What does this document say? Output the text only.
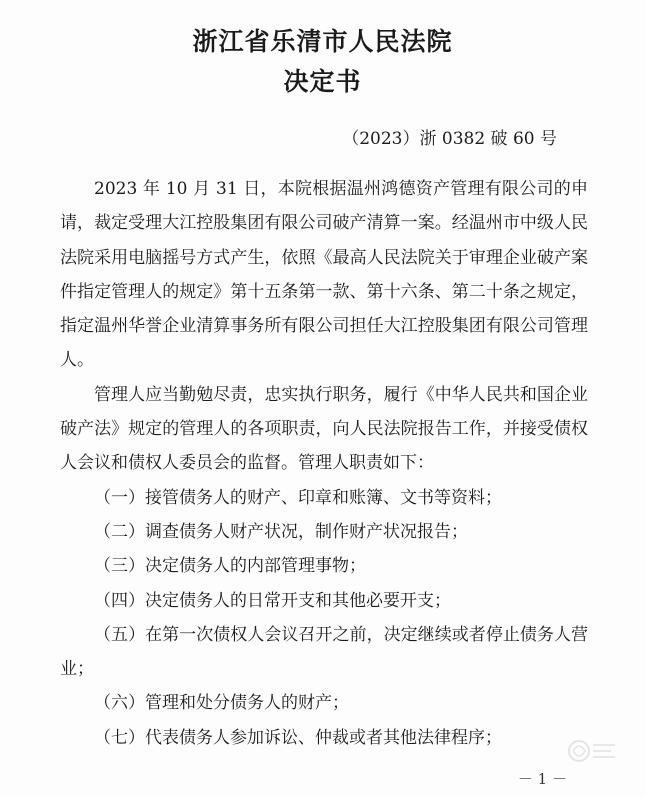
浙江省乐清市人民法院
决定书
（2023）浙 0382 破 60 号

2023 年 10 月 31 日，本院根据温州鸿德资产管理有限公司的申请，裁定受理大江控股集团有限公司破产清算一案。经温州市中级人民法院采用电脑摇号方式产生，依照《最高人民法院关于审理企业破产案件指定管理人的规定》第十五条第一款、第十六条、第二十条之规定，指定温州华誉企业清算事务所有限公司担任大江控股集团有限公司管理人。

管理人应当勤勉尽责，忠实执行职务，履行《中华人民共和国企业破产法》规定的管理人的各项职责，向人民法院报告工作，并接受债权人会议和债权人委员会的监督。管理人职责如下：

（一）接管债务人的财产、印章和账簿、文书等资料；

（二）调查债务人财产状况，制作财产状况报告；

（三）决定债务人的内部管理事物；

（四）决定债务人的日常开支和其他必要开支；

（五）在第一次债权人会议召开之前，决定继续或者停止债务人营业；

（六）管理和处分债务人的财产；

（七）代表债务人参加诉讼、仲裁或者其他法律程序；

－ 1 －
